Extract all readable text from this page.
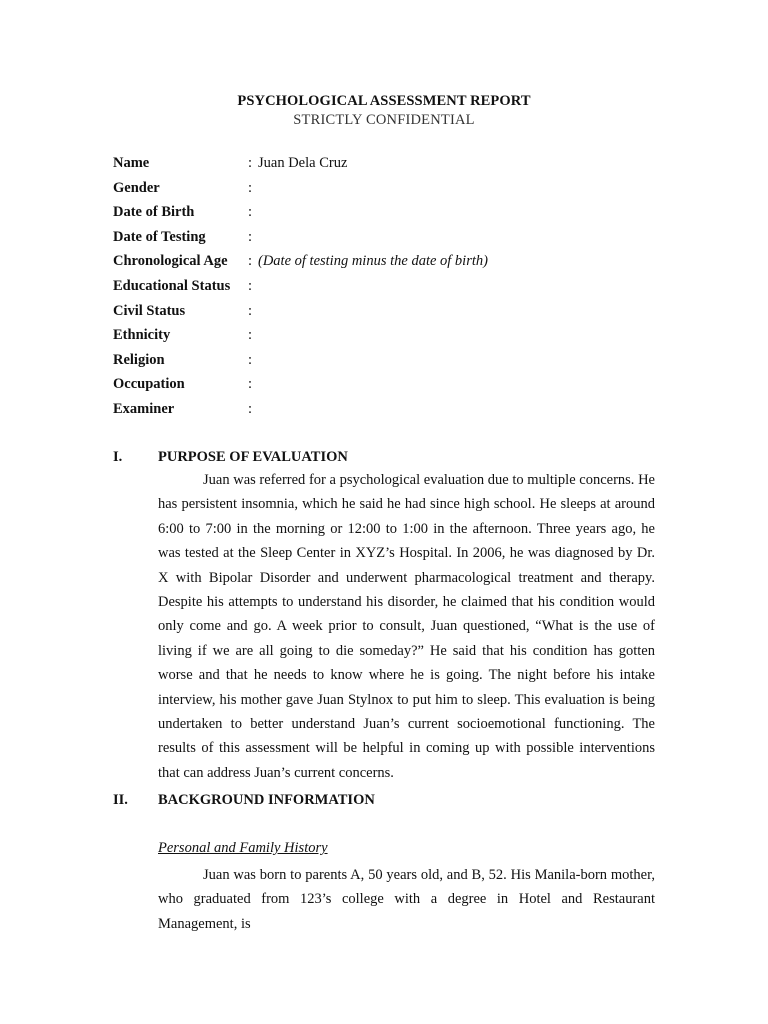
PSYCHOLOGICAL ASSESSMENT REPORT
STRICTLY CONFIDENTIAL
Name	: Juan Dela Cruz
Gender	:
Date of Birth	:
Date of Testing	:
Chronological Age	: (Date of testing minus the date of birth)
Educational Status	:
Civil Status	:
Ethnicity	:
Religion	:
Occupation	:
Examiner	:
I. PURPOSE OF EVALUATION

Juan was referred for a psychological evaluation due to multiple concerns. He has persistent insomnia, which he said he had since high school. He sleeps at around 6:00 to 7:00 in the morning or 12:00 to 1:00 in the afternoon. Three years ago, he was tested at the Sleep Center in XYZ’s Hospital. In 2006, he was diagnosed by Dr. X with Bipolar Disorder and underwent pharmacological treatment and therapy. Despite his attempts to understand his disorder, he claimed that his condition would only come and go. A week prior to consult, Juan questioned, “What is the use of living if we are all going to die someday?” He said that his condition has gotten worse and that he needs to know where he is going. The night before his intake interview, his mother gave Juan Stylnox to put him to sleep. This evaluation is being undertaken to better understand Juan’s current socioemotional functioning. The results of this assessment will be helpful in coming up with possible interventions that can address Juan’s current concerns.

II. BACKGROUND INFORMATION
Personal and Family History

Juan was born to parents A, 50 years old, and B, 52. His Manila-born mother, who graduated from 123’s college with a degree in Hotel and Restaurant Management, is
